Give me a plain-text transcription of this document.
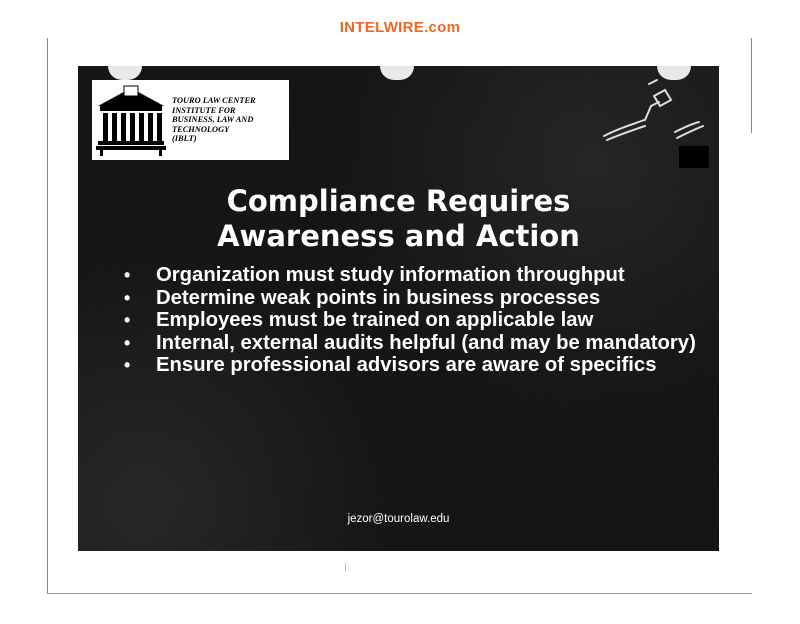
INTELWIRE.com
TOURO LAW CENTER
INSTITUTE FOR
BUSINESS, LAW AND
TECHNOLOGY
(IBLT)
Compliance Requires
Awareness and Action
• Organization must study information throughput
• Determine weak points in business processes
• Employees must be trained on applicable law
• Internal, external audits helpful (and may be mandatory)
• Ensure professional advisors are aware of specifics
jezor@tourolaw.edu
